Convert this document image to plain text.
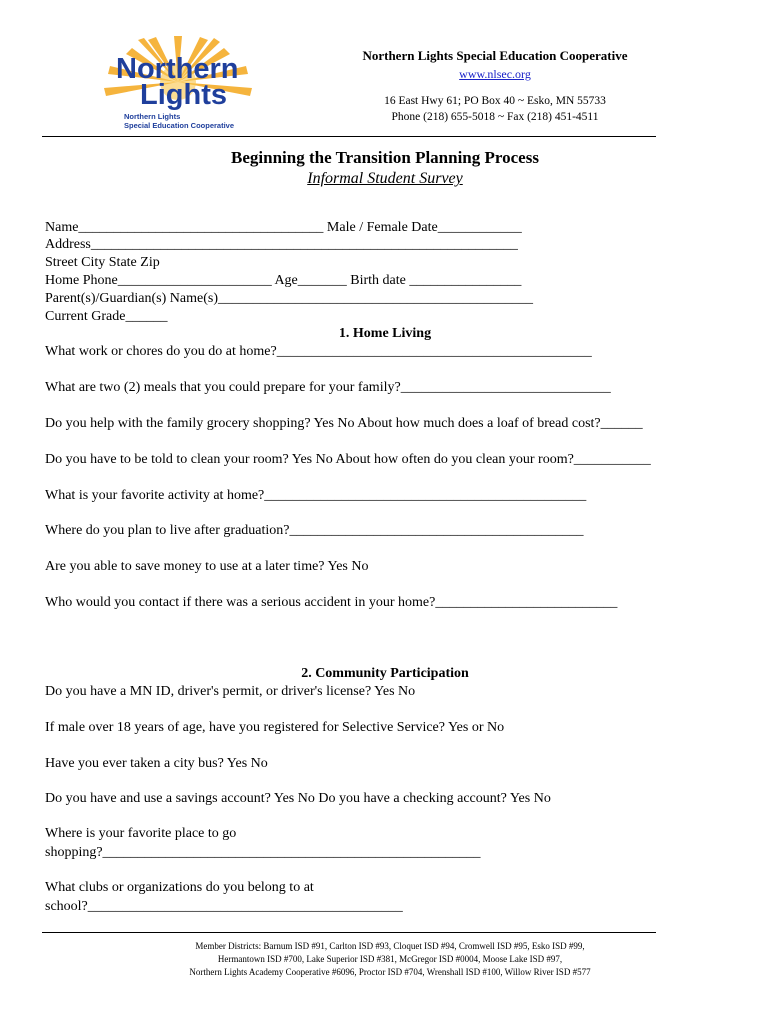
Northern
Lights
Northern Lights
Special Education Cooperative
Northern Lights Special Education Cooperative
www.nlsec.org
16 East Hwy 61; PO Box 40 ~ Esko, MN 55733
Phone (218) 655-5018 ~ Fax (218) 451-4511
Beginning the Transition Planning Process
Informal Student Survey
Name___________________________________ Male / Female Date____________
Address_____________________________________________________________
Street City State Zip
Home Phone______________________ Age_______ Birth date ________________
Parent(s)/Guardian(s) Name(s)_____________________________________________
Current Grade______
1. Home Living
What work or chores do you do at home?_____________________________________________
What are two (2) meals that you could prepare for your family?______________________________
Do you help with the family grocery shopping? Yes No About how much does a loaf of bread cost?______
Do you have to be told to clean your room? Yes No About how often do you clean your room?___________
What is your favorite activity at home?______________________________________________
Where do you plan to live after graduation?__________________________________________
Are you able to save money to use at a later time? Yes No
Who would you contact if there was a serious accident in your home?__________________________
2. Community Participation
Do you have a MN ID, driver's permit, or driver's license? Yes No
If male over 18 years of age, have you registered for Selective Service? Yes or No
Have you ever taken a city bus? Yes No
Do you have and use a savings account? Yes No Do you have a checking account? Yes No
Where is your favorite place to go
shopping?______________________________________________________
What clubs or organizations do you belong to at
school?_____________________________________________
Member Districts: Barnum ISD #91, Carlton ISD #93, Cloquet ISD #94, Cromwell ISD #95, Esko ISD #99,
Hermantown ISD #700, Lake Superior ISD #381, McGregor ISD #0004, Moose Lake ISD #97,
Northern Lights Academy Cooperative #6096, Proctor ISD #704, Wrenshall ISD #100, Willow River ISD #577
